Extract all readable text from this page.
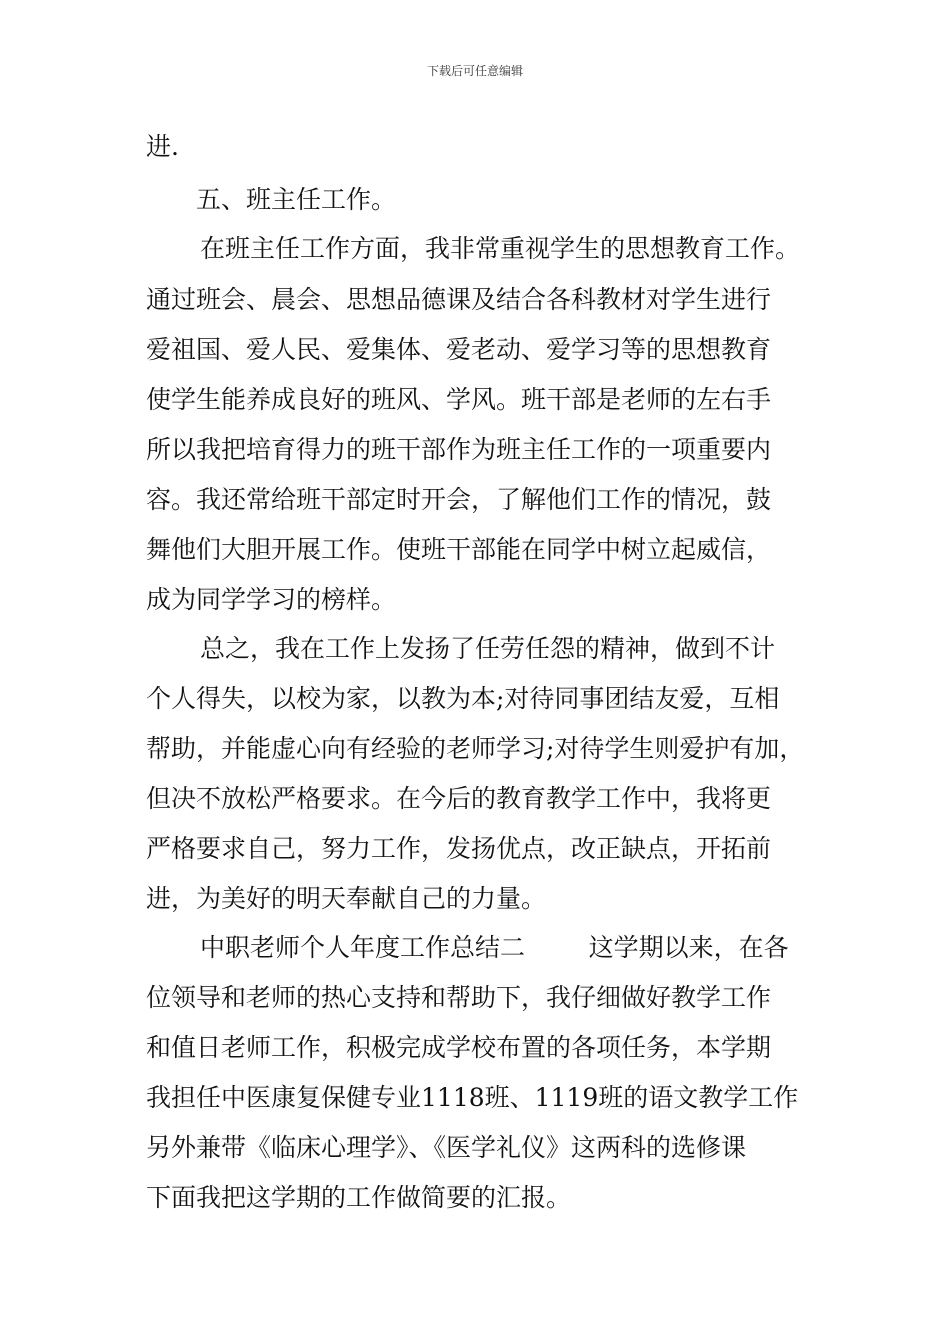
下载后可任意编辑
进.
五、班主任工作。
在班主任工作方面，我非常重视学生的思想教育工作。
通过班会、晨会、思想品德课及结合各科教材对学生进行
爱祖国、爱人民、爱集体、爱老动、爱学习等的思想教育
使学生能养成良好的班风、学风。班干部是老师的左右手
所以我把培育得力的班干部作为班主任工作的一项重要内
容。我还常给班干部定时开会，了解他们工作的情况，鼓
舞他们大胆开展工作。使班干部能在同学中树立起威信，
成为同学学习的榜样。
总之，我在工作上发扬了任劳任怨的精神，做到不计
个人得失，以校为家，以教为本;对待同事团结友爱，互相
帮助，并能虚心向有经验的老师学习;对待学生则爱护有加，
但决不放松严格要求。在今后的教育教学工作中，我将更
严格要求自己，努力工作，发扬优点，改正缺点，开拓前
进，为美好的明天奉献自己的力量。
中职老师个人年度工作总结二        这学期以来，在各
位领导和老师的热心支持和帮助下，我仔细做好教学工作
和值日老师工作，积极完成学校布置的各项任务，本学期
我担任中医康复保健专业1118班、1119班的语文教学工作
另外兼带《临床心理学》、《医学礼仪》这两科的选修课
下面我把这学期的工作做简要的汇报。
